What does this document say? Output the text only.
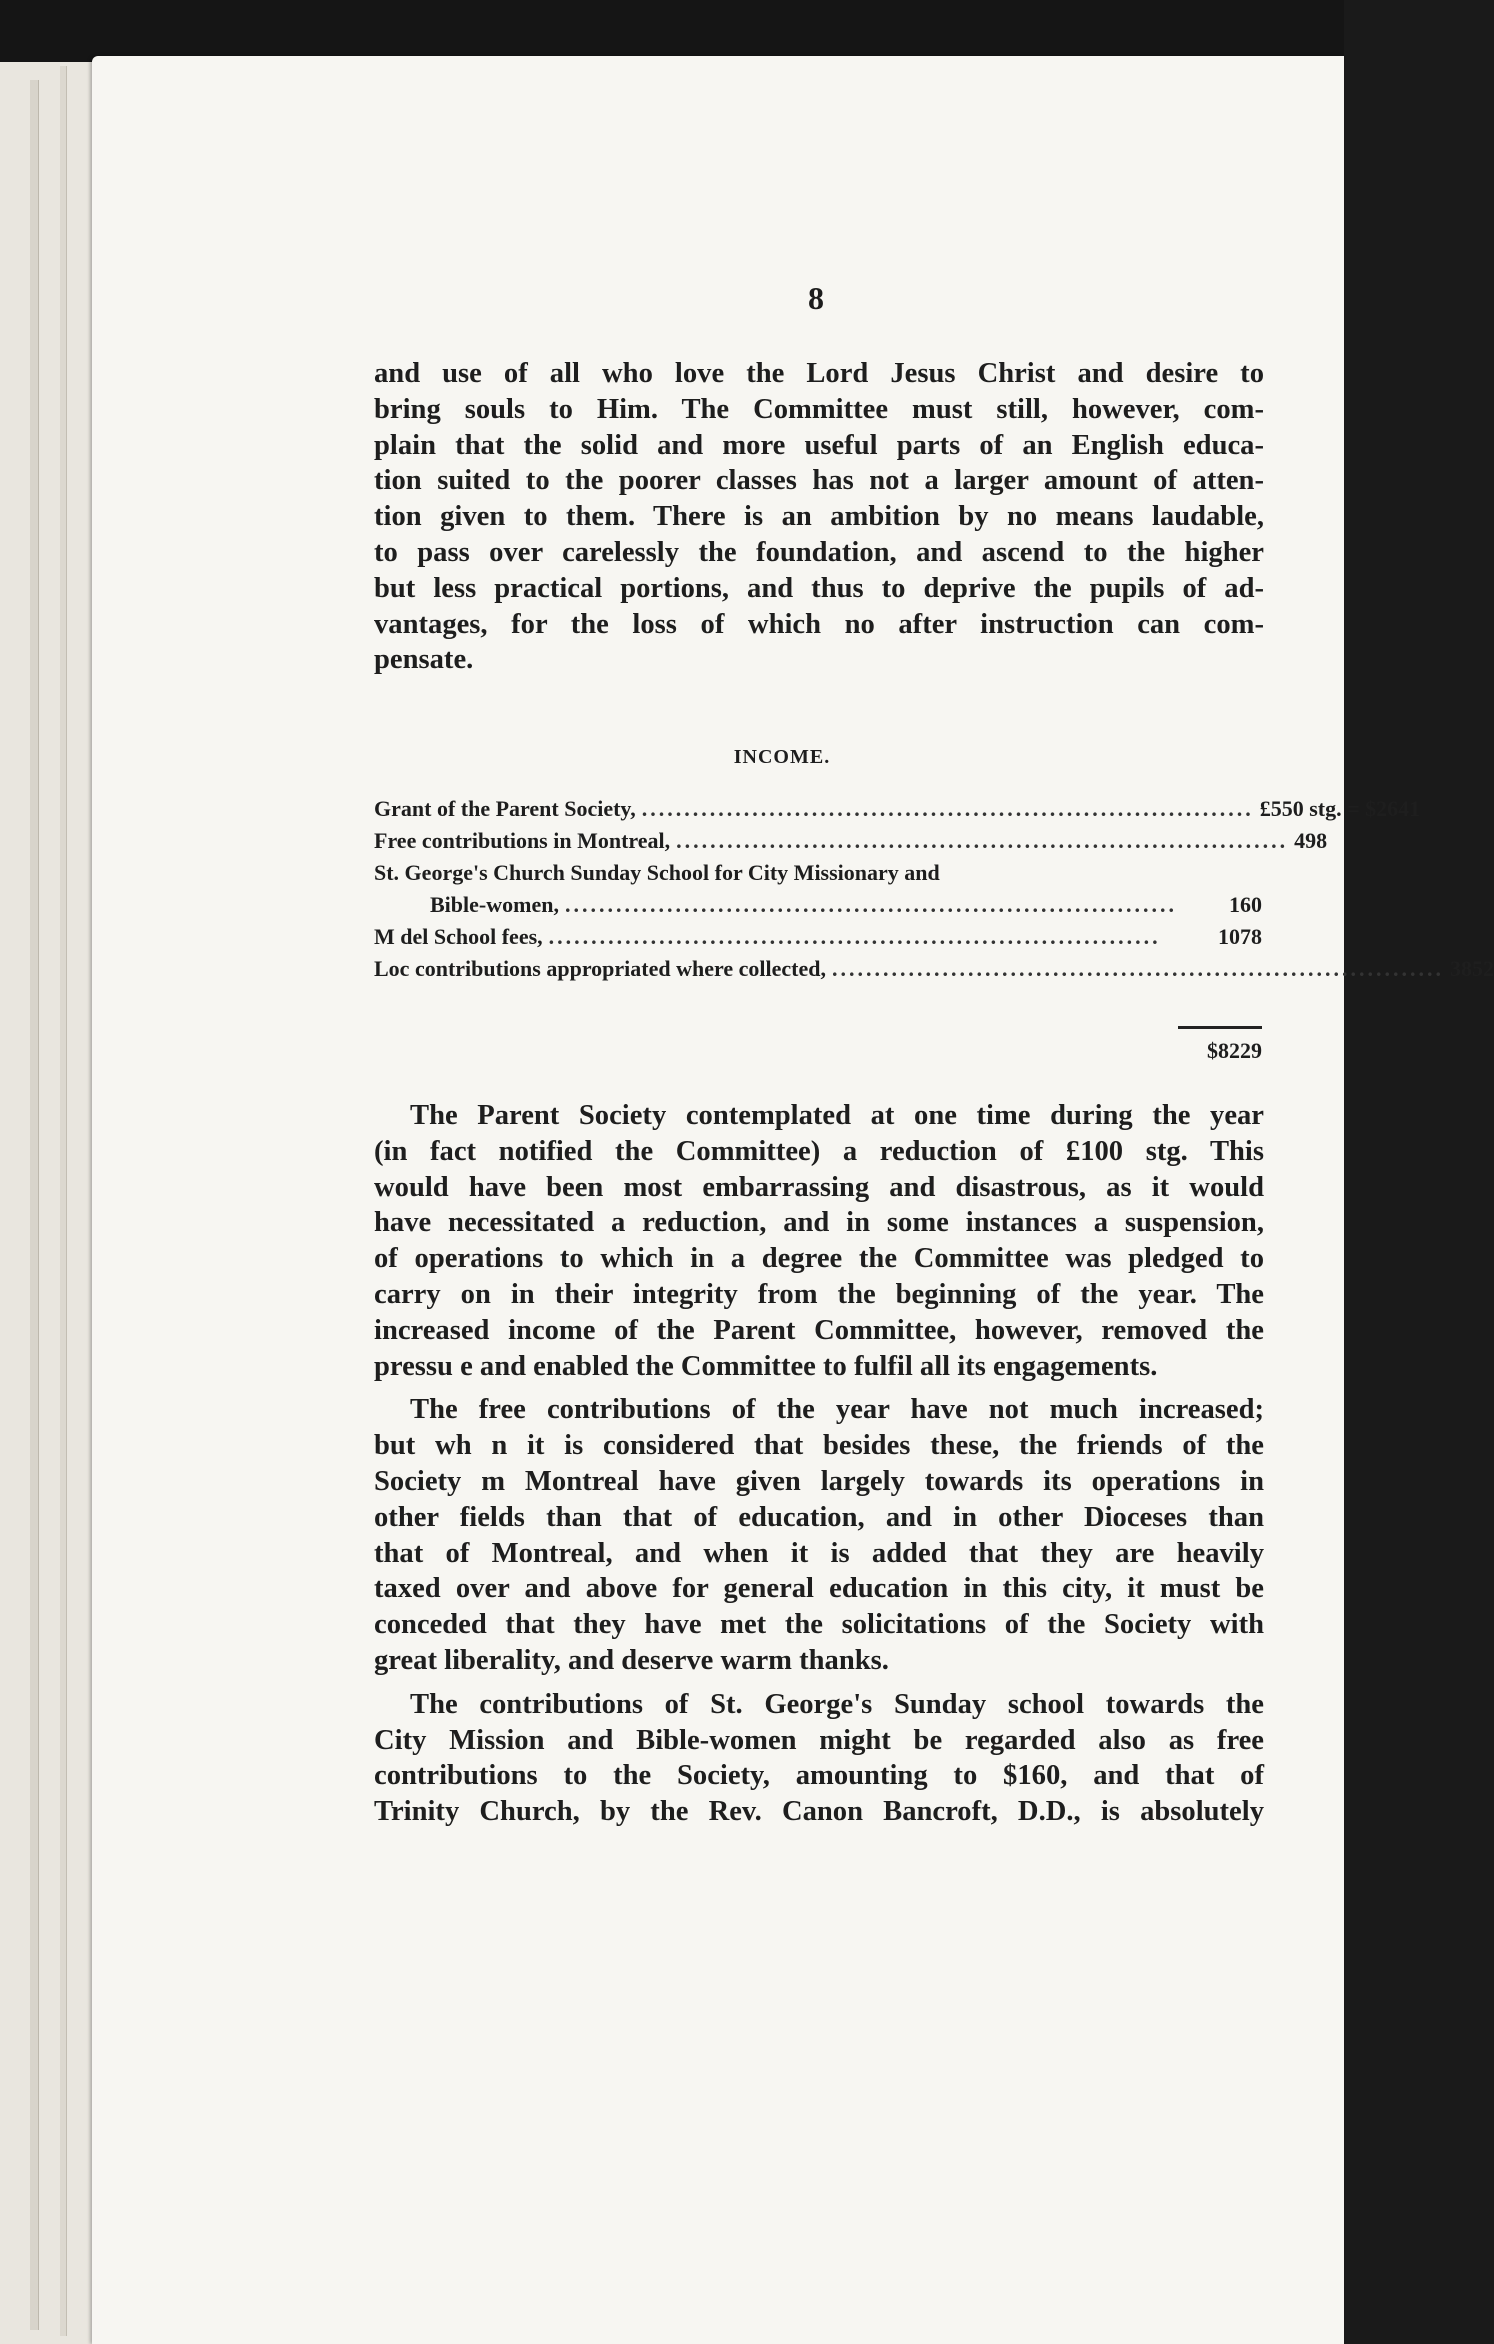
8

and use of all who love the Lord Jesus Christ and desire to

bring souls to Him. The Committee must still, however, com-

plain that the solid and more useful parts of an English educa-

tion suited to the poorer classes has not a larger amount of atten-

tion given to them. There is an ambition by no means laudable,

to pass over carelessly the foundation, and ascend to the higher

but less practical portions, and thus to deprive the pupils of ad-

vantages, for the loss of which no after instruction can com-

pensate.

INCOME.
Grant of the Parent Society, ........................................................................ £550 stg. = $2641
Free contributions in Montreal, ........................................................................ 498
St. George's Church Sunday School for City Missionary and
Bible-women, ........................................................................	160
M del School fees, ........................................................................	1078
Loc contributions appropriated where collected, ........................................................................ 3852
$8229

The Parent Society contemplated at one time during the year

(in fact notified the Committee) a reduction of £100 stg. This

would have been most embarrassing and disastrous, as it would

have necessitated a reduction, and in some instances a suspension,

of operations to which in a degree the Committee was pledged to

carry on in their integrity from the beginning of the year. The

increased income of the Parent Committee, however, removed the

pressu e and enabled the Committee to fulfil all its engagements.

The free contributions of the year have not much increased;

but wh n it is considered that besides these, the friends of the

Society m Montreal have given largely towards its operations in

other fields than that of education, and in other Dioceses than

that of Montreal, and when it is added that they are heavily

taxed over and above for general education in this city, it must be

conceded that they have met the solicitations of the Society with

great liberality, and deserve warm thanks.

The contributions of St. George's Sunday school towards the

City Mission and Bible-women might be regarded also as free

contributions to the Society, amounting to $160, and that of

Trinity Church, by the Rev. Canon Bancroft, D.D., is absolutely
